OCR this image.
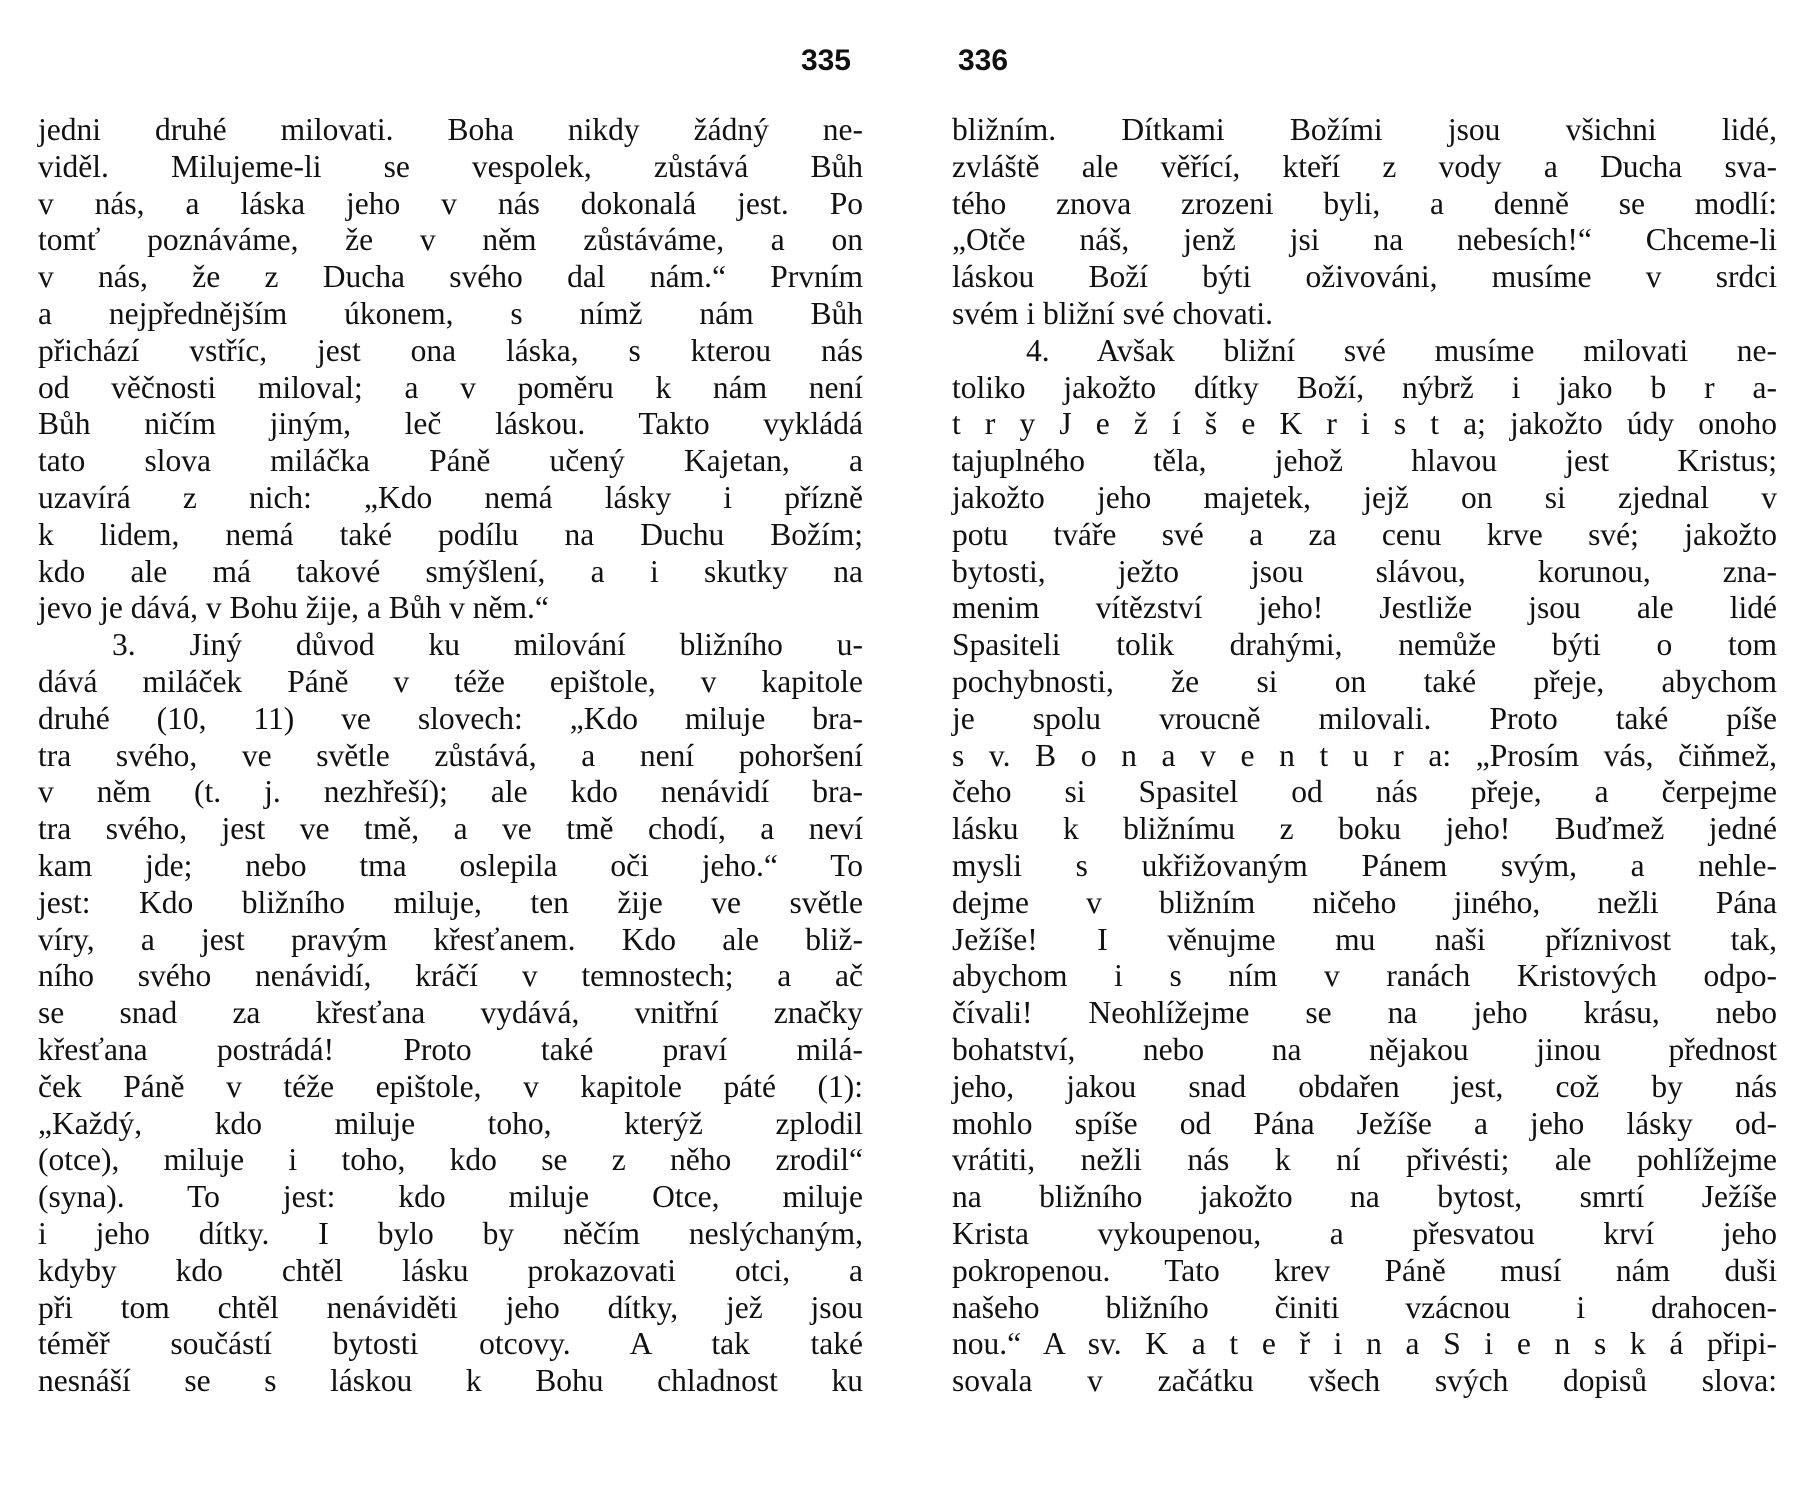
335
jedni druhé milovati. Boha nikdy žádný ne-
viděl. Milujeme-li se vespolek, zůstává Bůh
v nás, a láska jeho v nás dokonalá jest. Po
tomť poznáváme, že v něm zůstáváme, a on
v nás, že z Ducha svého dal nám.“ Prvním
a nejpřednějším úkonem, s nímž nám Bůh
přichází vstříc, jest ona láska, s kterou nás
od věčnosti miloval; a v poměru k nám není
Bůh ničím jiným, leč láskou. Takto vykládá
tato slova miláčka Páně učený Kajetan, a
uzavírá z nich: „Kdo nemá lásky i přízně
k lidem, nemá také podílu na Duchu Božím;
kdo ale má takové smýšlení, a i skutky na
jevo je dává, v Bohu žije, a Bůh v něm.“
3. Jiný důvod ku milování bližního u-
dává miláček Páně v téže epištole, v kapitole
druhé (10, 11) ve slovech: „Kdo miluje bra-
tra svého, ve světle zůstává, a není pohoršení
v něm (t. j. nezhřeší); ale kdo nenávidí bra-
tra svého, jest ve tmě, a ve tmě chodí, a neví
kam jde; nebo tma oslepila oči jeho.“ To
jest: Kdo bližního miluje, ten žije ve světle
víry, a jest pravým křesťanem. Kdo ale bliž-
ního svého nenávidí, kráčí v temnostech; a ač
se snad za křesťana vydává, vnitřní značky
křesťana postrádá! Proto také praví milá-
ček Páně v téže epištole, v kapitole páté (1):
„Každý, kdo miluje toho, kterýž zplodil
(otce), miluje i toho, kdo se z něho zrodil“
(syna). To jest: kdo miluje Otce, miluje
i jeho dítky. I bylo by něčím neslýchaným,
kdyby kdo chtěl lásku prokazovati otci, a
při tom chtěl nenáviděti jeho dítky, jež jsou
téměř součástí bytosti otcovy. A tak také
nesnáší se s láskou k Bohu chladnost ku
336
bližním. Dítkami Božími jsou všichni lidé,
zvláště ale věřící, kteří z vody a Ducha sva-
tého znova zrozeni byli, a denně se modlí:
„Otče náš, jenž jsi na nebesích!“ Chceme-li
láskou Boží býti oživováni, musíme v srdci
svém i bližní své chovati.
4. Avšak bližní své musíme milovati ne-
toliko jakožto dítky Boží, nýbrž i jako b r a-
t r y J e ž í š e K r i s t a; jakožto údy onoho
tajuplného těla, jehož hlavou jest Kristus;
jakožto jeho majetek, jejž on si zjednal v
potu tváře své a za cenu krve své; jakožto
bytosti, ježto jsou slávou, korunou, zna-
menim vítězství jeho! Jestliže jsou ale lidé
Spasiteli tolik drahými, nemůže býti o tom
pochybnosti, že si on také přeje, abychom
je spolu vroucně milovali. Proto také píše
s v. B o n a v e n t u r a: „Prosím vás, čiňmež,
čeho si Spasitel od nás přeje, a čerpejme
lásku k bližnímu z boku jeho! Buďmež jedné
mysli s ukřižovaným Pánem svým, a nehle-
dejme v bližním ničeho jiného, nežli Pána
Ježíše! I věnujme mu naši příznivost tak,
abychom i s ním v ranách Kristových odpo-
čívali! Neohlížejme se na jeho krásu, nebo
bohatství, nebo na nějakou jinou přednost
jeho, jakou snad obdařen jest, což by nás
mohlo spíše od Pána Ježíše a jeho lásky od-
vrátiti, nežli nás k ní přivésti; ale pohlížejme
na bližního jakožto na bytost, smrtí Ježíše
Krista vykoupenou, a přesvatou krví jeho
pokropenou. Tato krev Páně musí nám duši
našeho bližního činiti vzácnou i drahocen-
nou.“ A sv. K a t e ř i n a S i e n s k á připi-
sovala v začátku všech svých dopisů slova:
